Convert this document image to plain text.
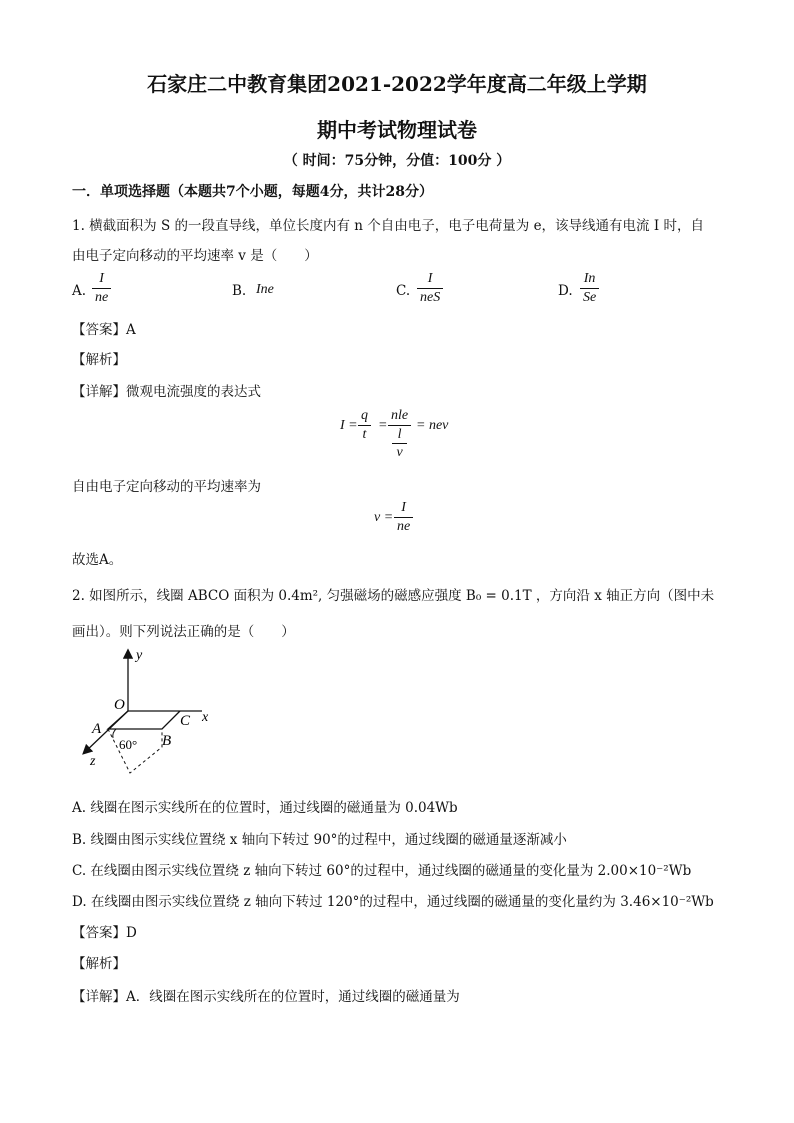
石家庄二中教育集团2021-2022学年度高二年级上学期
期中考试物理试卷
（ 时间：75分钟，分值：100分 ）
一．单项选择题（本题共7个小题，每题4分，共计28分）
1. 横截面积为 S 的一段直导线，单位长度内有 n 个自由电子，电子电荷量为 e，该导线通有电流 I 时，自
由电子定向移动的平均速率 v 是（　　）
A.
I
ne	B. Ine	C.
I
neS	D.
In
Se
【答案】A
【解析】
【详解】微观电流强度的表达式
I =
q
t
=
nle
l
v
= nev
自由电子定向移动的平均速率为
v =
I
ne
故选A。
2. 如图所示，线圈 ABCO 面积为 0.4m², 匀强磁场的磁感应强度 B₀ = 0.1T ，方向沿 x 轴正方向（图中未
画出）。则下列说法正确的是（　　）
y
x
z
O
A
B
C
60°
A. 线圈在图示实线所在的位置时，通过线圈的磁通量为 0.04Wb
B. 线圈由图示实线位置绕 x 轴向下转过 90°的过程中，通过线圈的磁通量逐渐减小
C. 在线圈由图示实线位置绕 z 轴向下转过 60°的过程中，通过线圈的磁通量的变化量为 2.00×10⁻²Wb
D. 在线圈由图示实线位置绕 z 轴向下转过 120°的过程中，通过线圈的磁通量的变化量约为 3.46×10⁻²Wb
【答案】D
【解析】
【详解】A．线圈在图示实线所在的位置时，通过线圈的磁通量为
